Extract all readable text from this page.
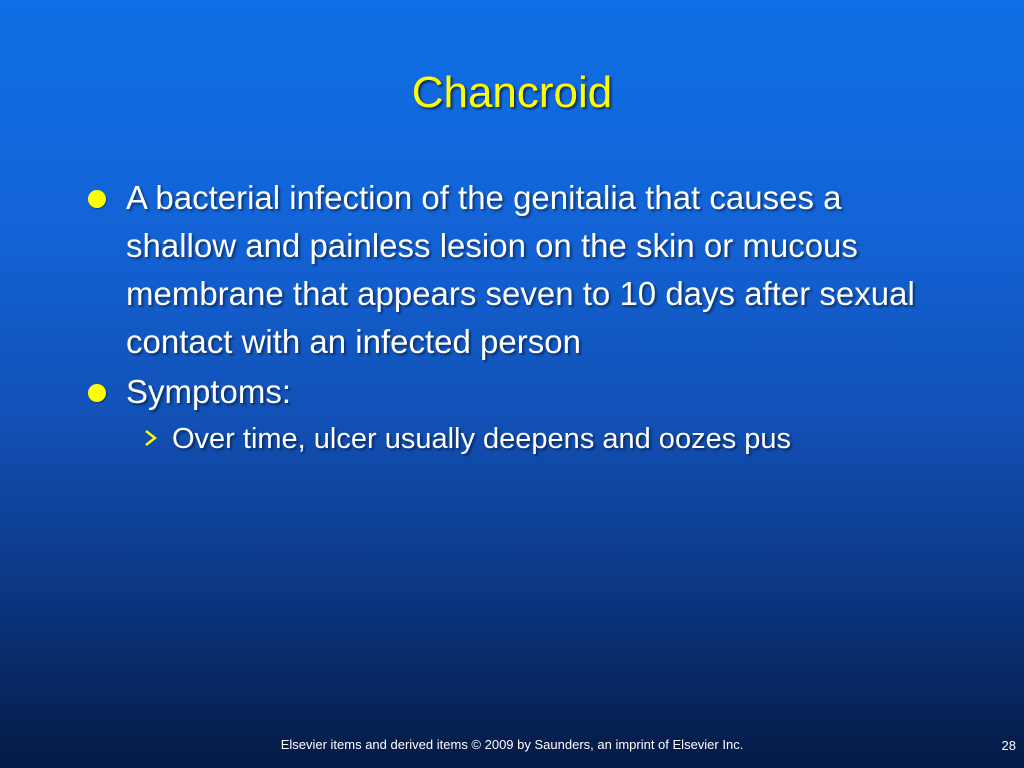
Chancroid
A bacterial infection of the genitalia that causes a shallow and painless lesion on the skin or mucous membrane that appears seven to 10 days after sexual contact with an infected person
Symptoms:
Over time, ulcer usually deepens and oozes pus
Elsevier items and derived items © 2009 by Saunders, an imprint of Elsevier Inc.	28
